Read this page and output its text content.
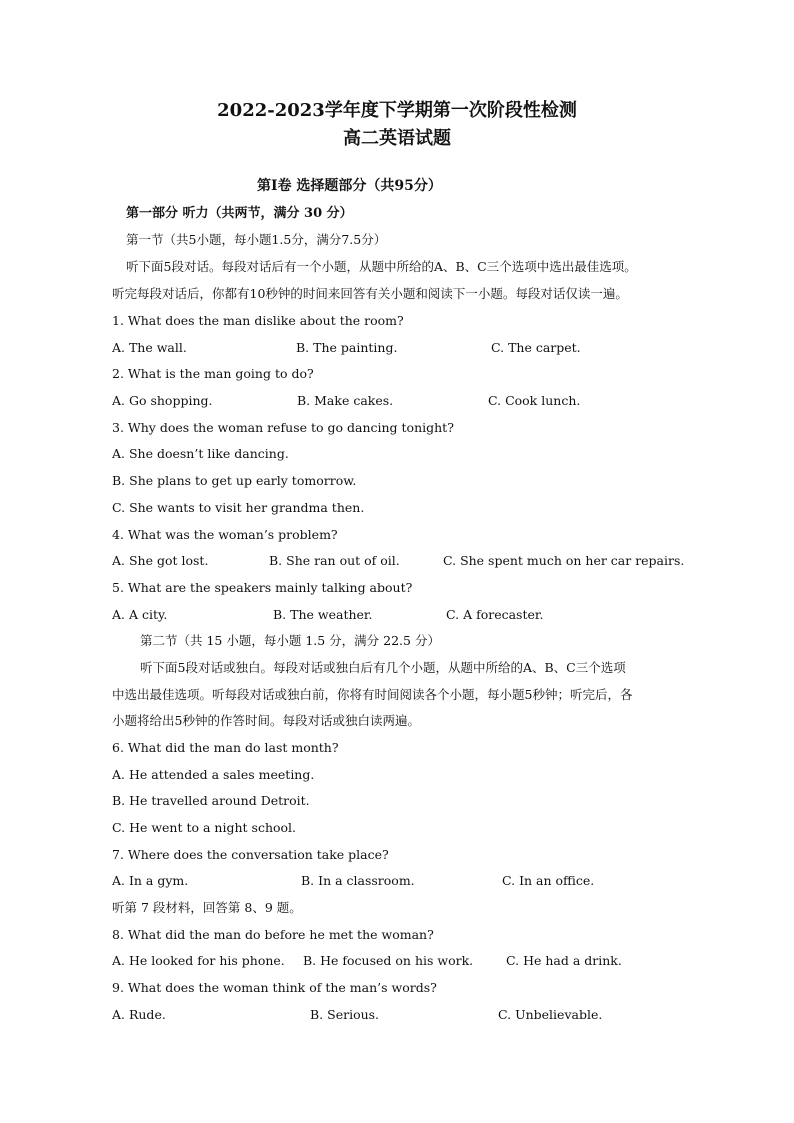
2022-2023学年度下学期第一次阶段性检测
高二英语试题
第Ⅰ卷 选择题部分（共95分）
第一部分 听力（共两节，满分 30 分）
第一节（共5小题，每小题1.5分，满分7.5分）
听下面5段对话。每段对话后有一个小题，从题中所给的A、B、C三个选项中选出最佳选项。
听完每段对话后，你都有10秒钟的时间来回答有关小题和阅读下一小题。每段对话仅读一遍。
1. What does the man dislike about the room?
A. The wall.	B. The painting.	C. The carpet.
2. What is the man going to do?
A. Go shopping.	B. Make cakes.	C. Cook lunch.
3. Why does the woman refuse to go dancing tonight?
A. She doesn’t like dancing.
B. She plans to get up early tomorrow.
C. She wants to visit her grandma then.
4. What was the woman’s problem?
A. She got lost.	B. She ran out of oil.	C. She spent much on her car repairs.
5. What are the speakers mainly talking about?
A. A city.	B. The weather.	C. A forecaster.
第二节（共 15 小题，每小题 1.5 分，满分 22.5 分）
听下面5段对话或独白。每段对话或独白后有几个小题，从题中所给的A、B、C三个选项
中选出最佳选项。听每段对话或独白前，你将有时间阅读各个小题，每小题5秒钟；听完后，各
小题将给出5秒钟的作答时间。每段对话或独白读两遍。
6. What did the man do last month?
A. He attended a sales meeting.
B. He travelled around Detroit.
C. He went to a night school.
7. Where does the conversation take place?
A. In a gym.	B. In a classroom.	C. In an office.
听第 7 段材料，回答第 8、9 题。
8. What did the man do before he met the woman?
A. He looked for his phone. B. He focused on his work.	C. He had a drink.
9. What does the woman think of the man’s words?
A. Rude.	B. Serious.	C. Unbelievable.
